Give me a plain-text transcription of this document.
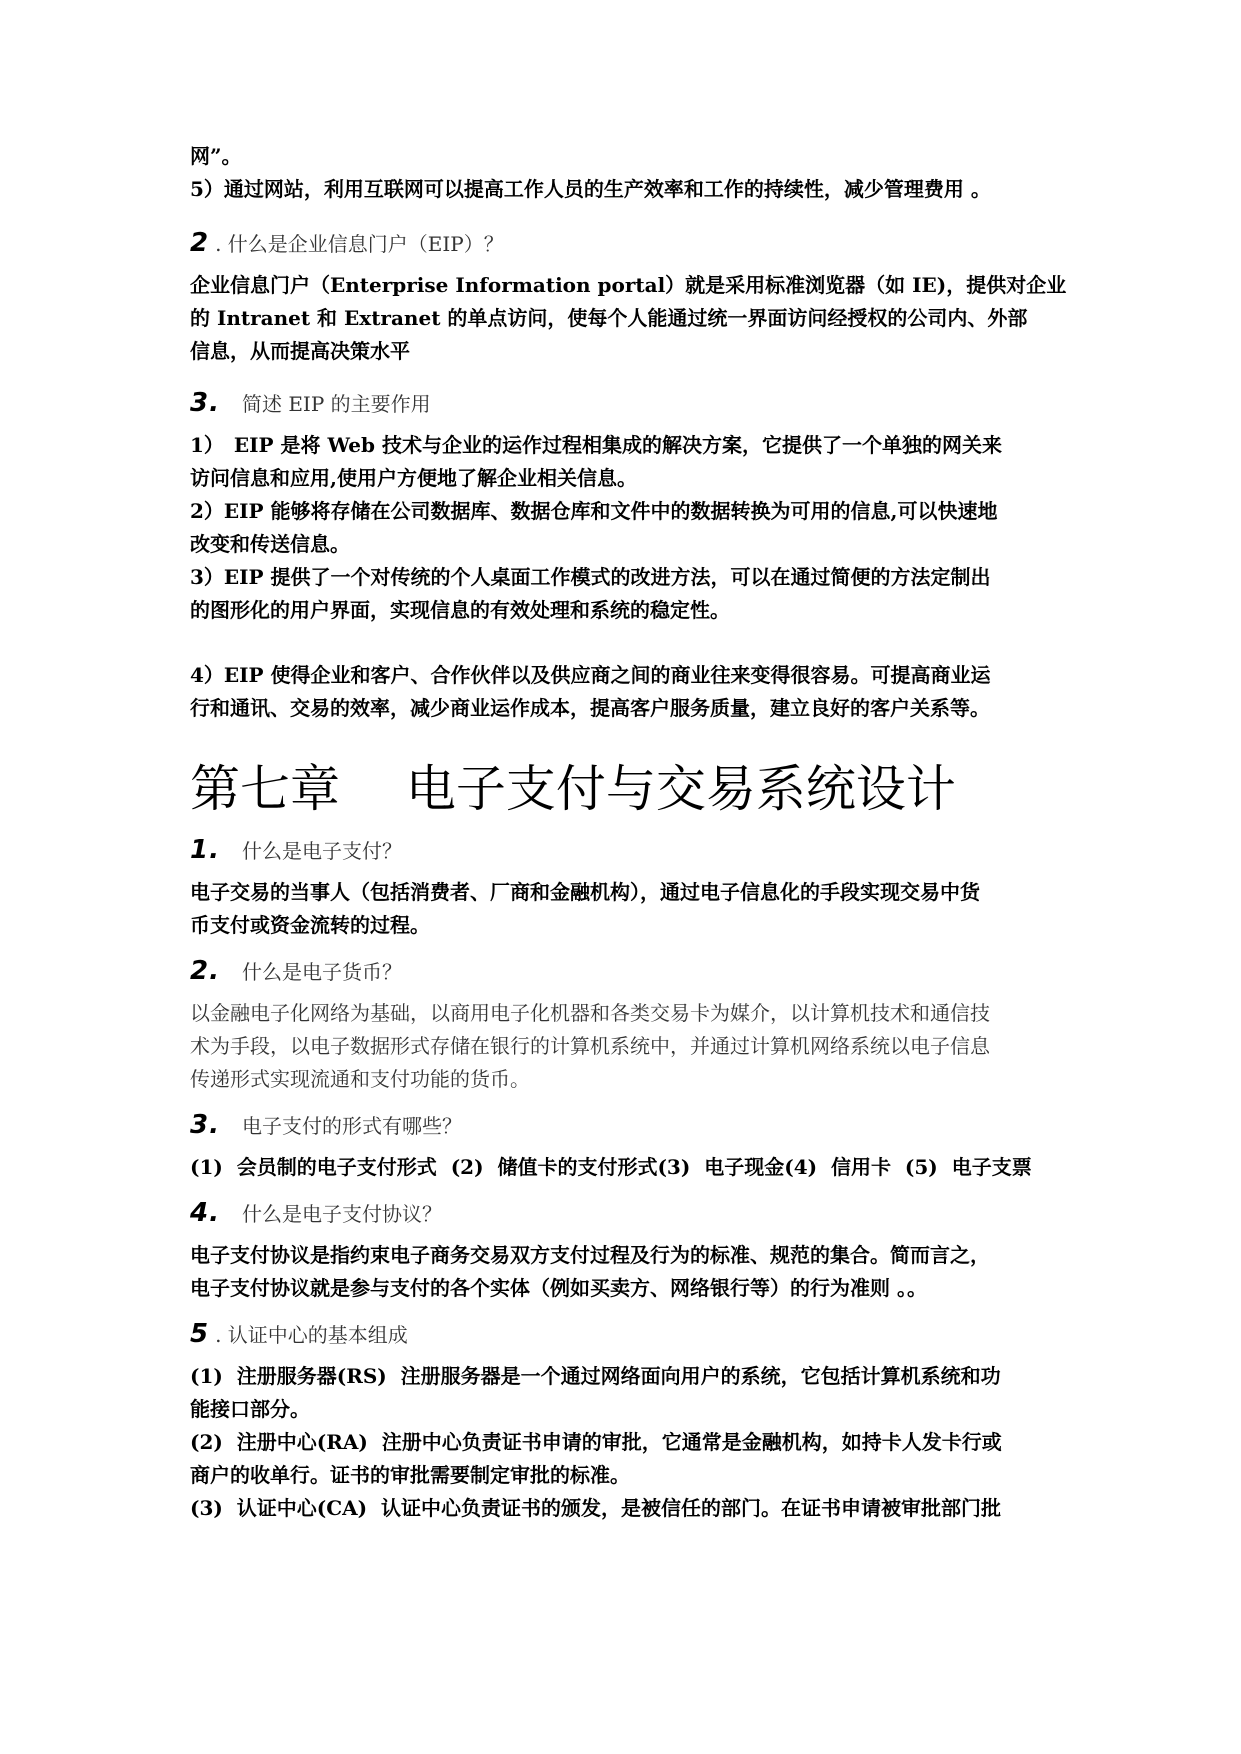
网”。

5）通过网站，利用互联网可以提高工作人员的生产效率和工作的持续性，减少管理费用 。

2 . 什么是企业信息门户（EIP）？

企业信息门户（Enterprise Information portal）就是采用标准浏览器（如 IE)，提供对企业

的 Intranet 和 Extranet 的单点访问，使每个人能通过统一界面访问经授权的公司内、外部

信息，从而提高决策水平

3. 简述 EIP 的主要作用

1）　EIP 是将 Web 技术与企业的运作过程相集成的解决方案，它提供了一个单独的网关来

访问信息和应用,使用户方便地了解企业相关信息。

2）EIP 能够将存储在公司数据库、数据仓库和文件中的数据转换为可用的信息,可以快速地

改变和传送信息。

3）EIP 提供了一个对传统的个人桌面工作模式的改进方法，可以在通过简便的方法定制出

的图形化的用户界面，实现信息的有效处理和系统的稳定性。

4）EIP 使得企业和客户、合作伙伴以及供应商之间的商业往来变得很容易。可提高商业运

行和通讯、交易的效率，减少商业运作成本，提高客户服务质量，建立良好的客户关系等。

第七章　 电子支付与交易系统设计
1. 什么是电子支付？

电子交易的当事人（包括消费者、厂商和金融机构），通过电子信息化的手段实现交易中货

币支付或资金流转的过程。

2. 什么是电子货币？

以金融电子化网络为基础，以商用电子化机器和各类交易卡为媒介，以计算机技术和通信技

术为手段，以电子数据形式存储在银行的计算机系统中，并通过计算机网络系统以电子信息

传递形式实现流通和支付功能的货币。

3. 电子支付的形式有哪些？

(1)  会员制的电子支付形式  (2)  储值卡的支付形式(3)  电子现金(4)  信用卡  (5)  电子支票

4. 什么是电子支付协议？

电子支付协议是指约束电子商务交易双方支付过程及行为的标准、规范的集合。简而言之，

电子支付协议就是参与支付的各个实体（例如买卖方、网络银行等）的行为准则 。。

5 . 认证中心的基本组成

(1)  注册服务器(RS)  注册服务器是一个通过网络面向用户的系统，它包括计算机系统和功

能接口部分。

(2)  注册中心(RA)  注册中心负责证书申请的审批，它通常是金融机构，如持卡人发卡行或

商户的收单行。证书的审批需要制定审批的标准。

(3)  认证中心(CA)  认证中心负责证书的颁发，是被信任的部门。在证书申请被审批部门批
